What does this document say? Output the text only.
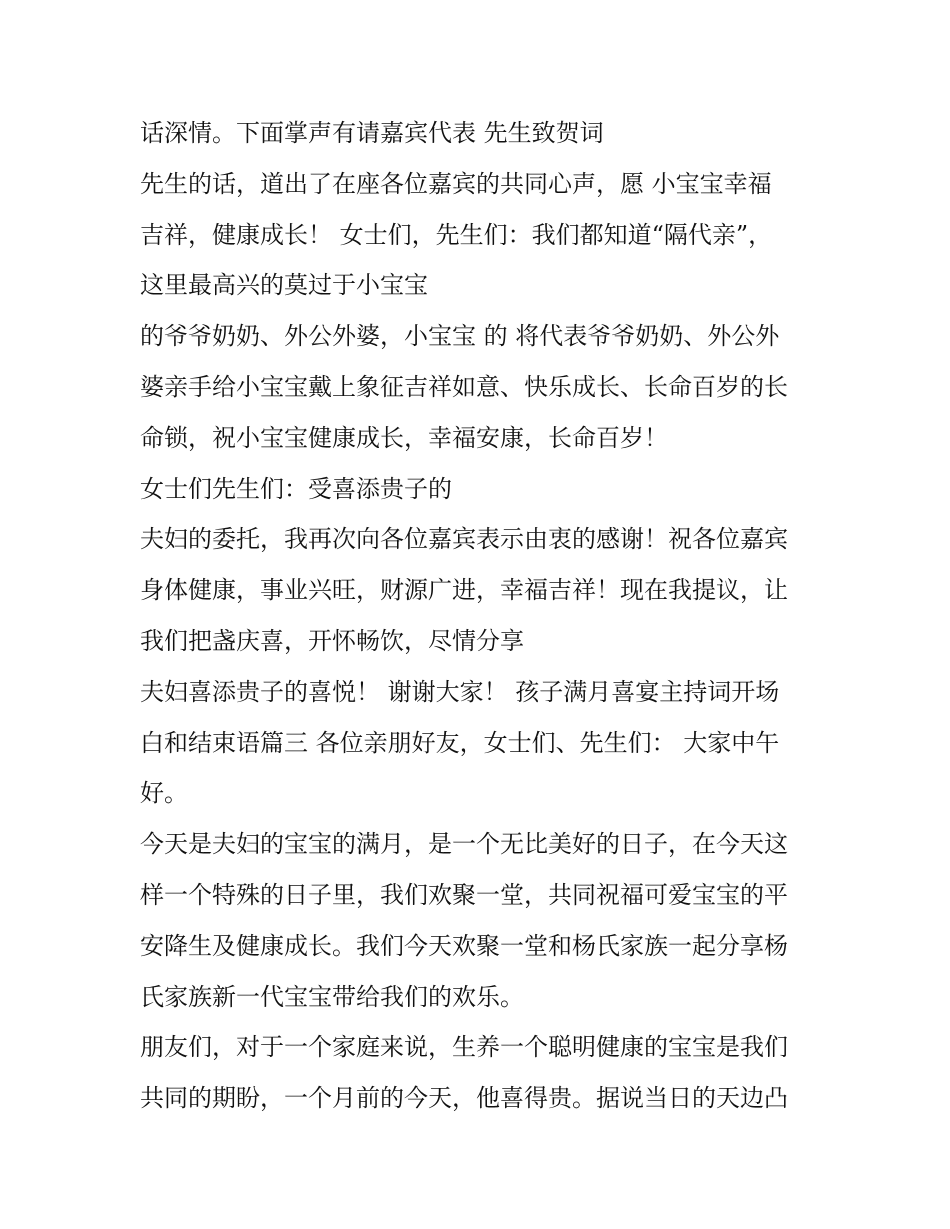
话深情。下面掌声有请嘉宾代表 先生致贺词
先生的话，道出了在座各位嘉宾的共同心声，愿 小宝宝幸福
吉祥，健康成长！ 女士们，先生们：我们都知道“隔代亲”，
这里最高兴的莫过于小宝宝
的爷爷奶奶、外公外婆，小宝宝 的 将代表爷爷奶奶、外公外
婆亲手给小宝宝戴上象征吉祥如意、快乐成长、长命百岁的长
命锁，祝小宝宝健康成长，幸福安康，长命百岁！
女士们先生们：受喜添贵子的
夫妇的委托，我再次向各位嘉宾表示由衷的感谢！祝各位嘉宾
身体健康，事业兴旺，财源广进，幸福吉祥！现在我提议，让
我们把盏庆喜，开怀畅饮，尽情分享
夫妇喜添贵子的喜悦！ 谢谢大家！ 孩子满月喜宴主持词开场
白和结束语篇三 各位亲朋好友，女士们、先生们： 大家中午
好。
今天是夫妇的宝宝的满月，是一个无比美好的日子，在今天这
样一个特殊的日子里，我们欢聚一堂，共同祝福可爱宝宝的平
安降生及健康成长。我们今天欢聚一堂和杨氏家族一起分享杨
氏家族新一代宝宝带给我们的欢乐。
朋友们，对于一个家庭来说，生养一个聪明健康的宝宝是我们
共同的期盼，一个月前的今天，他喜得贵。据说当日的天边凸
